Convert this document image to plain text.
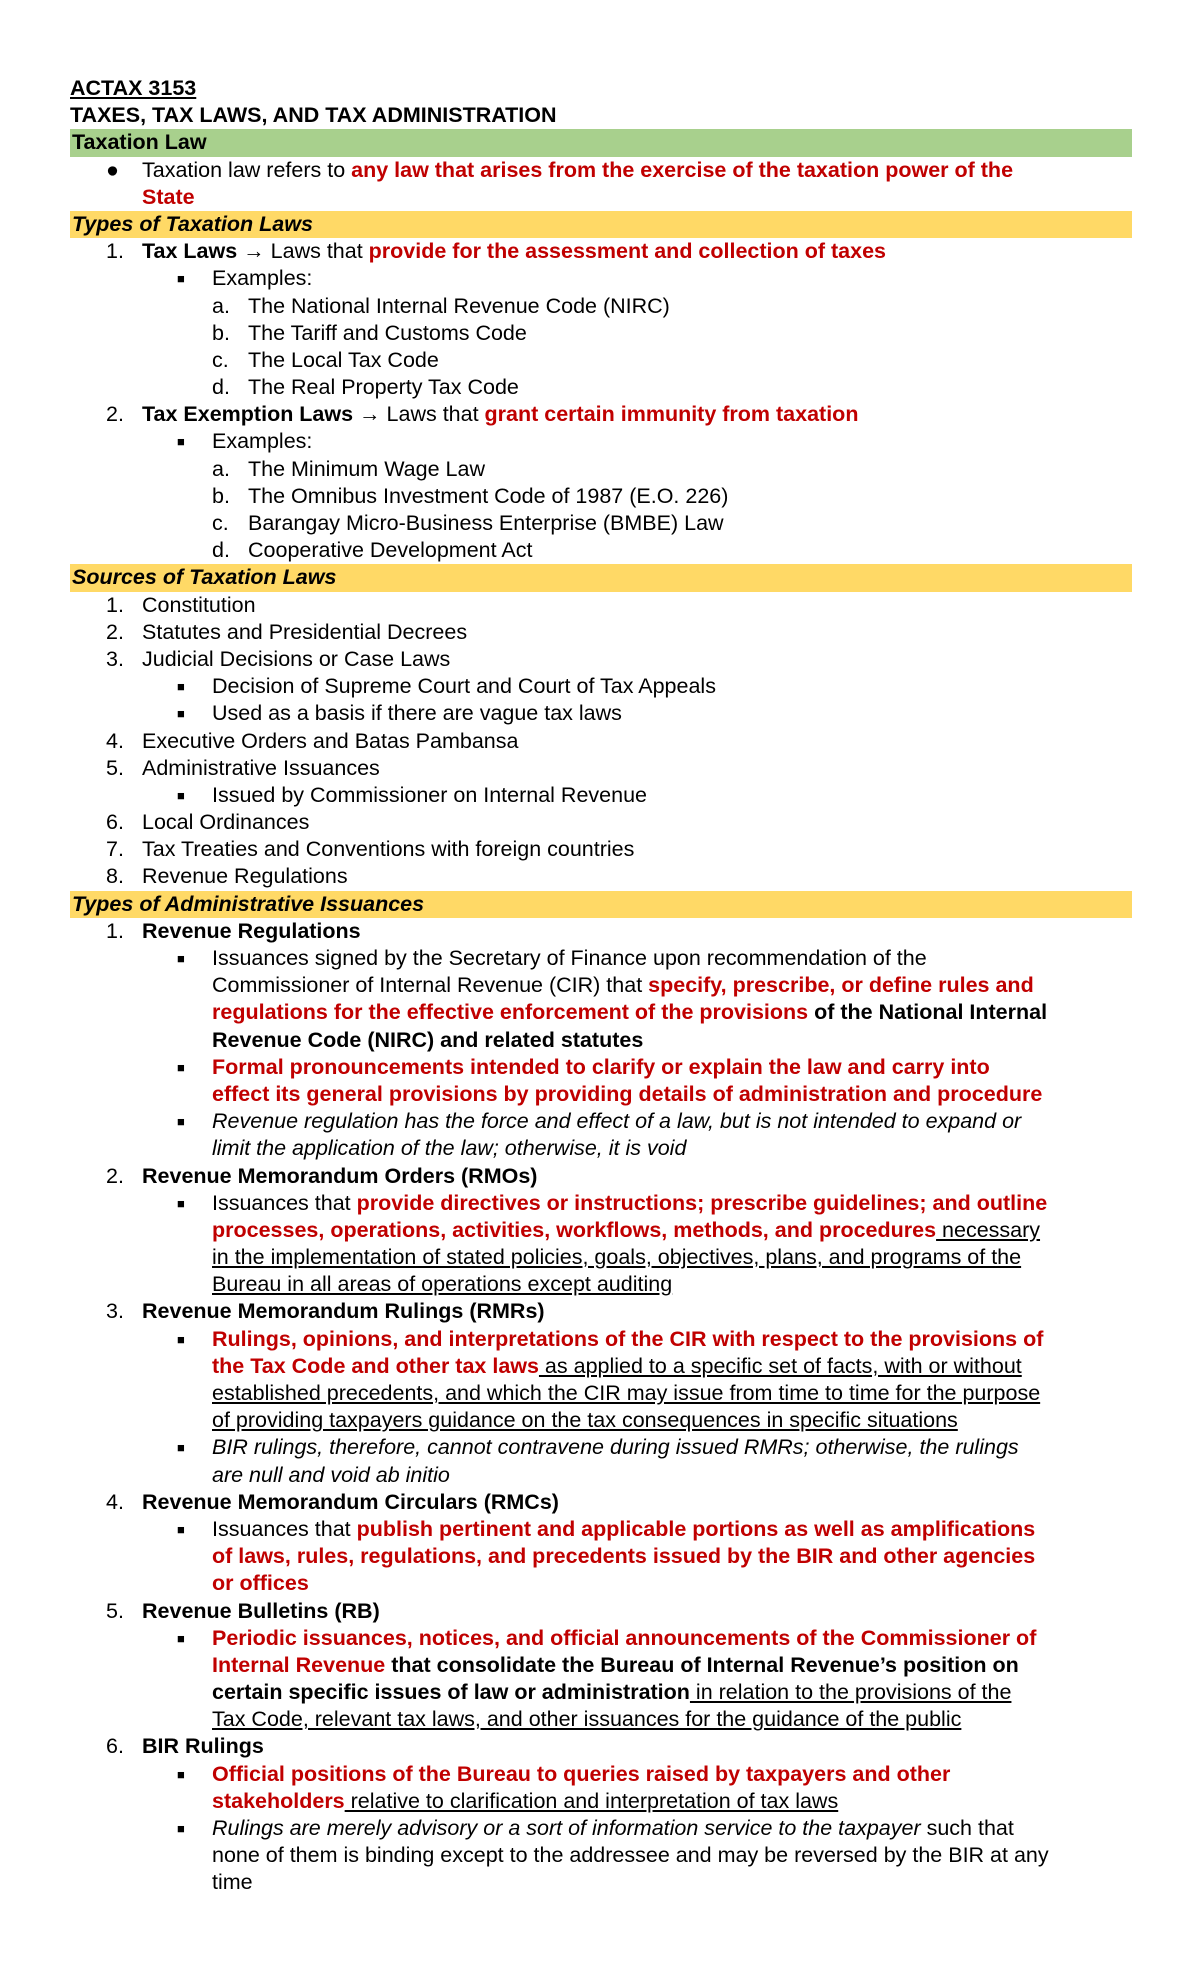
ACTAX 3153
TAXES, TAX LAWS, AND TAX ADMINISTRATION
Taxation Law
● Taxation law refers to any law that arises from the exercise of the taxation power of the
State
Types of Taxation Laws
1. Tax Laws → Laws that provide for the assessment and collection of taxes
■ Examples:
a. The National Internal Revenue Code (NIRC)
b. The Tariff and Customs Code
c. The Local Tax Code
d. The Real Property Tax Code
2. Tax Exemption Laws → Laws that grant certain immunity from taxation
■ Examples:
a. The Minimum Wage Law
b. The Omnibus Investment Code of 1987 (E.O. 226)
c. Barangay Micro-Business Enterprise (BMBE) Law
d. Cooperative Development Act
Sources of Taxation Laws
1. Constitution
2. Statutes and Presidential Decrees
3. Judicial Decisions or Case Laws
■ Decision of Supreme Court and Court of Tax Appeals
■ Used as a basis if there are vague tax laws
4. Executive Orders and Batas Pambansa
5. Administrative Issuances
■ Issued by Commissioner on Internal Revenue
6. Local Ordinances
7. Tax Treaties and Conventions with foreign countries
8. Revenue Regulations
Types of Administrative Issuances
1. Revenue Regulations
■ Issuances signed by the Secretary of Finance upon recommendation of the
Commissioner of Internal Revenue (CIR) that specify, prescribe, or define rules and
regulations for the effective enforcement of the provisions of the National Internal
Revenue Code (NIRC) and related statutes
■ Formal pronouncements intended to clarify or explain the law and carry into
effect its general provisions by providing details of administration and procedure
■ Revenue regulation has the force and effect of a law, but is not intended to expand or
limit the application of the law; otherwise, it is void
2. Revenue Memorandum Orders (RMOs)
■ Issuances that provide directives or instructions; prescribe guidelines; and outline
processes, operations, activities, workflows, methods, and procedures necessary
in the implementation of stated policies, goals, objectives, plans, and programs of the
Bureau in all areas of operations except auditing
3. Revenue Memorandum Rulings (RMRs)
■ Rulings, opinions, and interpretations of the CIR with respect to the provisions of
the Tax Code and other tax laws as applied to a specific set of facts, with or without
established precedents, and which the CIR may issue from time to time for the purpose
of providing taxpayers guidance on the tax consequences in specific situations
■ BIR rulings, therefore, cannot contravene during issued RMRs; otherwise, the rulings
are null and void ab initio
4. Revenue Memorandum Circulars (RMCs)
■ Issuances that publish pertinent and applicable portions as well as amplifications
of laws, rules, regulations, and precedents issued by the BIR and other agencies
or offices
5. Revenue Bulletins (RB)
■ Periodic issuances, notices, and official announcements of the Commissioner of
Internal Revenue that consolidate the Bureau of Internal Revenue’s position on
certain specific issues of law or administration in relation to the provisions of the
Tax Code, relevant tax laws, and other issuances for the guidance of the public
6. BIR Rulings
■ Official positions of the Bureau to queries raised by taxpayers and other
stakeholders relative to clarification and interpretation of tax laws
■ Rulings are merely advisory or a sort of information service to the taxpayer such that
none of them is binding except to the addressee and may be reversed by the BIR at any
time
